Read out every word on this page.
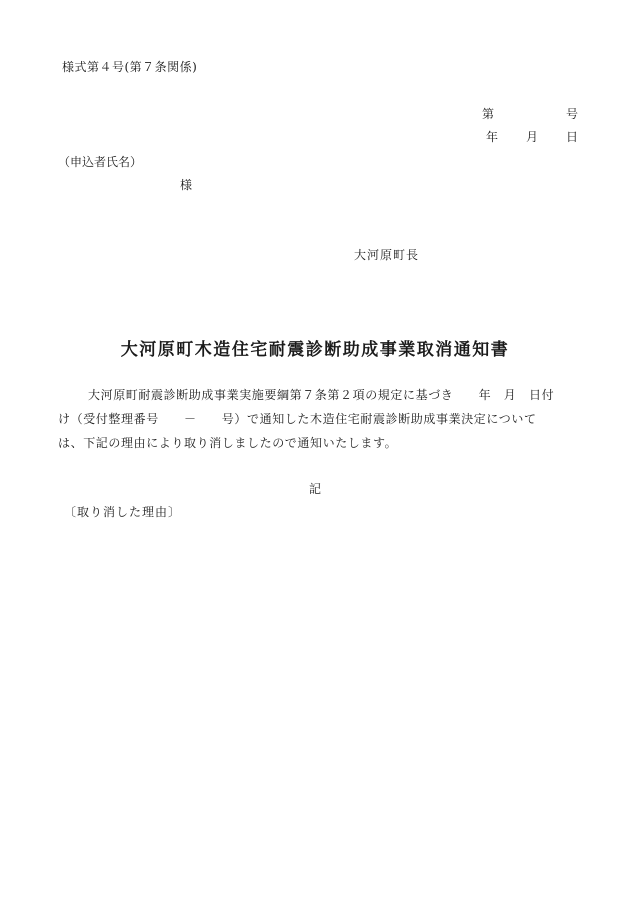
様式第４号(第７条関係)
第	号
年 月 日
（申込者氏名）
様
大河原町長
大河原町木造住宅耐震診断助成事業取消通知書

大河原町耐震診断助成事業実施要綱第７条第２項の規定に基づき　　年　月　日付

け（受付整理番号　　－　　号）で通知した木造住宅耐震診断助成事業決定について

は、下記の理由により取り消しましたので通知いたします。

記
〔取り消した理由〕
